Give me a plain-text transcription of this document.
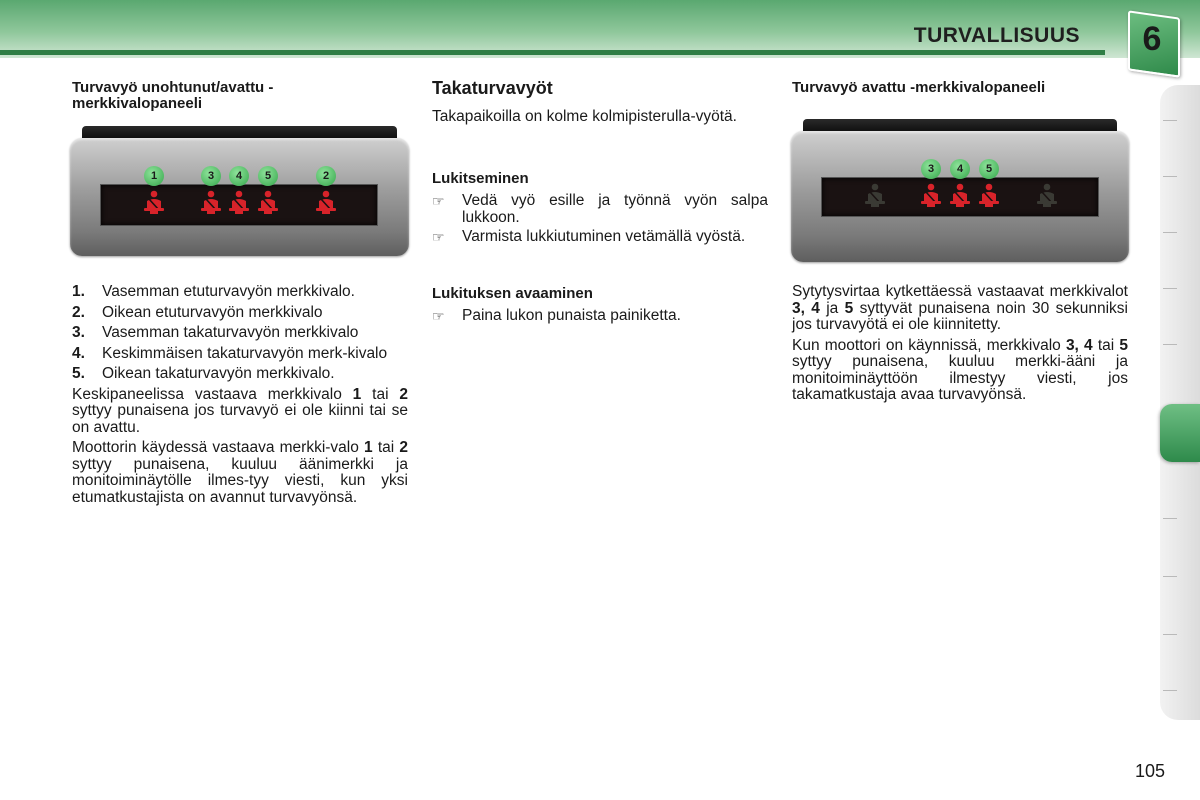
TURVALLISUUS	6

Turvavyö unohtunut/avattu -merkkivalopaneeli

1	3	4	5	2
1.	Vasemman etuturvavyön merkkivalo.
2.	Oikean etuturvavyön merkkivalo
3.	Vasemman takaturvavyön merkkivalo
4.	Keskimmäisen takaturvavyön merk-kivalo
5.	Oikean takaturvavyön merkkivalo.

Keskipaneelissa vastaava merkkivalo 1 tai 2 syttyy punaisena jos turvavyö ei ole kiinni tai se on avattu.

Moottorin käydessä vastaava merkki-valo 1 tai 2 syttyy punaisena, kuuluu äänimerkki ja monitoiminäytölle ilmes-tyy viesti, kun yksi etumatkustajista on avannut turvavyönsä.

Takaturvavyöt

Takapaikoilla on kolme kolmipisterulla-vyötä.

Lukitseminen

☞	Vedä vyö esille ja työnnä vyön salpa lukkoon.
☞	Varmista lukkiutuminen vetämällä vyöstä.

Lukituksen avaaminen

☞	Paina lukon punaista painiketta.

Turvavyö avattu -merkkivalopaneeli

3	4	5

Sytytysvirtaa kytkettäessä vastaavat merkkivalot 3, 4 ja 5 syttyvät punaisena noin 30 sekunniksi jos turvavyötä ei ole kiinnitetty.

Kun moottori on käynnissä, merkkivalo 3, 4 tai 5 syttyy punaisena, kuuluu merkki-ääni ja monitoiminäyttöön ilmestyy viesti, jos takamatkustaja avaa turvavyönsä.

105
